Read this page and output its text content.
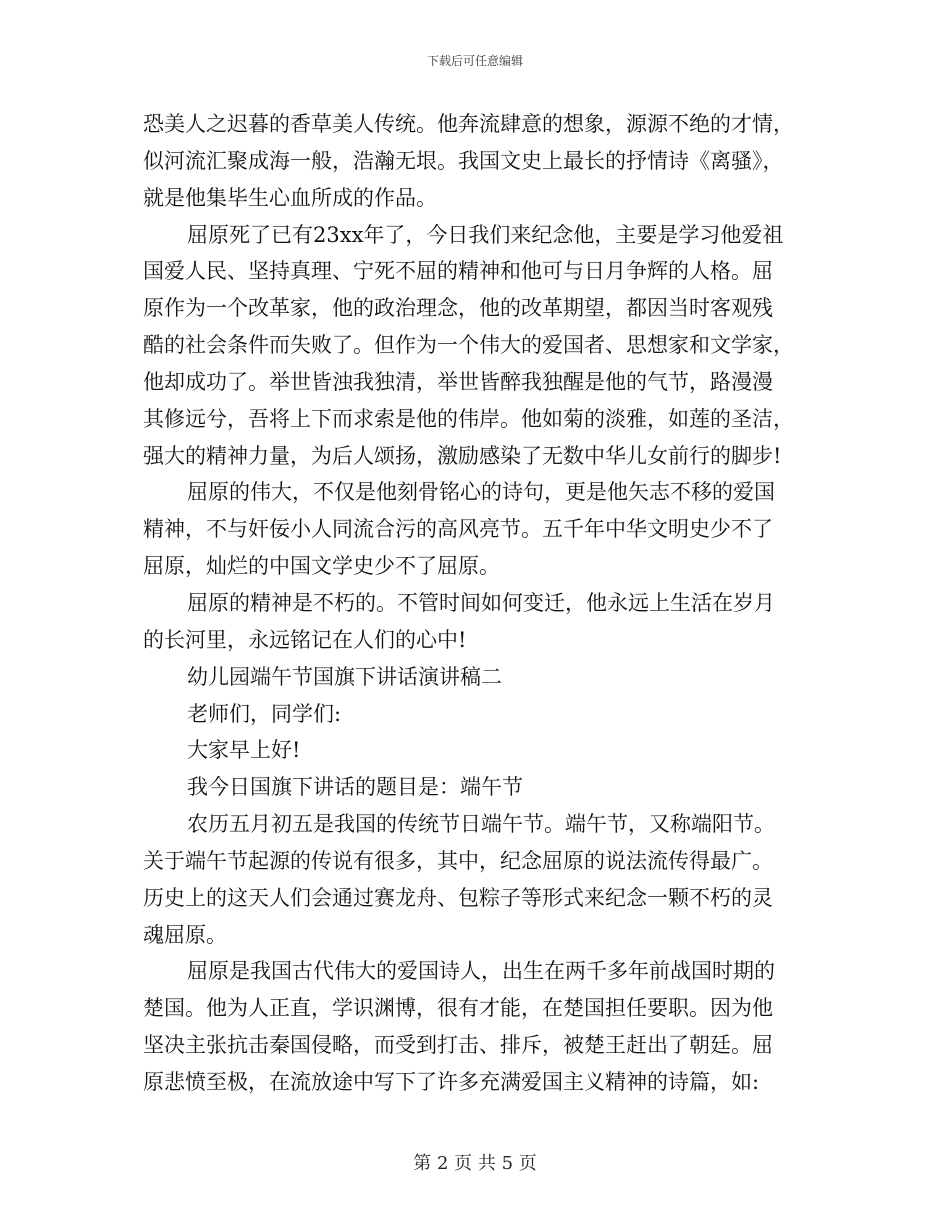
下载后可任意编辑
恐美人之迟暮的香草美人传统。他奔流肆意的想象，源源不绝的才情，
似河流汇聚成海一般，浩瀚无垠。我国文史上最长的抒情诗《离骚》，
就是他集毕生心血所成的作品。
屈原死了已有23xx年了，今日我们来纪念他，主要是学习他爱祖
国爱人民、坚持真理、宁死不屈的精神和他可与日月争辉的人格。屈
原作为一个改革家，他的政治理念，他的改革期望，都因当时客观残
酷的社会条件而失败了。但作为一个伟大的爱国者、思想家和文学家，
他却成功了。举世皆浊我独清，举世皆醉我独醒是他的气节，路漫漫
其修远兮，吾将上下而求索是他的伟岸。他如菊的淡雅，如莲的圣洁，
强大的精神力量，为后人颂扬，激励感染了无数中华儿女前行的脚步!
屈原的伟大，不仅是他刻骨铭心的诗句，更是他矢志不移的爱国
精神，不与奸佞小人同流合污的高风亮节。五千年中华文明史少不了
屈原，灿烂的中国文学史少不了屈原。
屈原的精神是不朽的。不管时间如何变迁，他永远上生活在岁月
的长河里，永远铭记在人们的心中!
幼儿园端午节国旗下讲话演讲稿二
老师们，同学们:
大家早上好!
我今日国旗下讲话的题目是：端午节
农历五月初五是我国的传统节日端午节。端午节，又称端阳节。
关于端午节起源的传说有很多，其中，纪念屈原的说法流传得最广。
历史上的这天人们会通过赛龙舟、包粽子等形式来纪念一颗不朽的灵
魂屈原。
屈原是我国古代伟大的爱国诗人，出生在两千多年前战国时期的
楚国。他为人正直，学识渊博，很有才能，在楚国担任要职。因为他
坚决主张抗击秦国侵略，而受到打击、排斥，被楚王赶出了朝廷。屈
原悲愤至极，在流放途中写下了许多充满爱国主义精神的诗篇，如:
第 2 页 共 5 页
